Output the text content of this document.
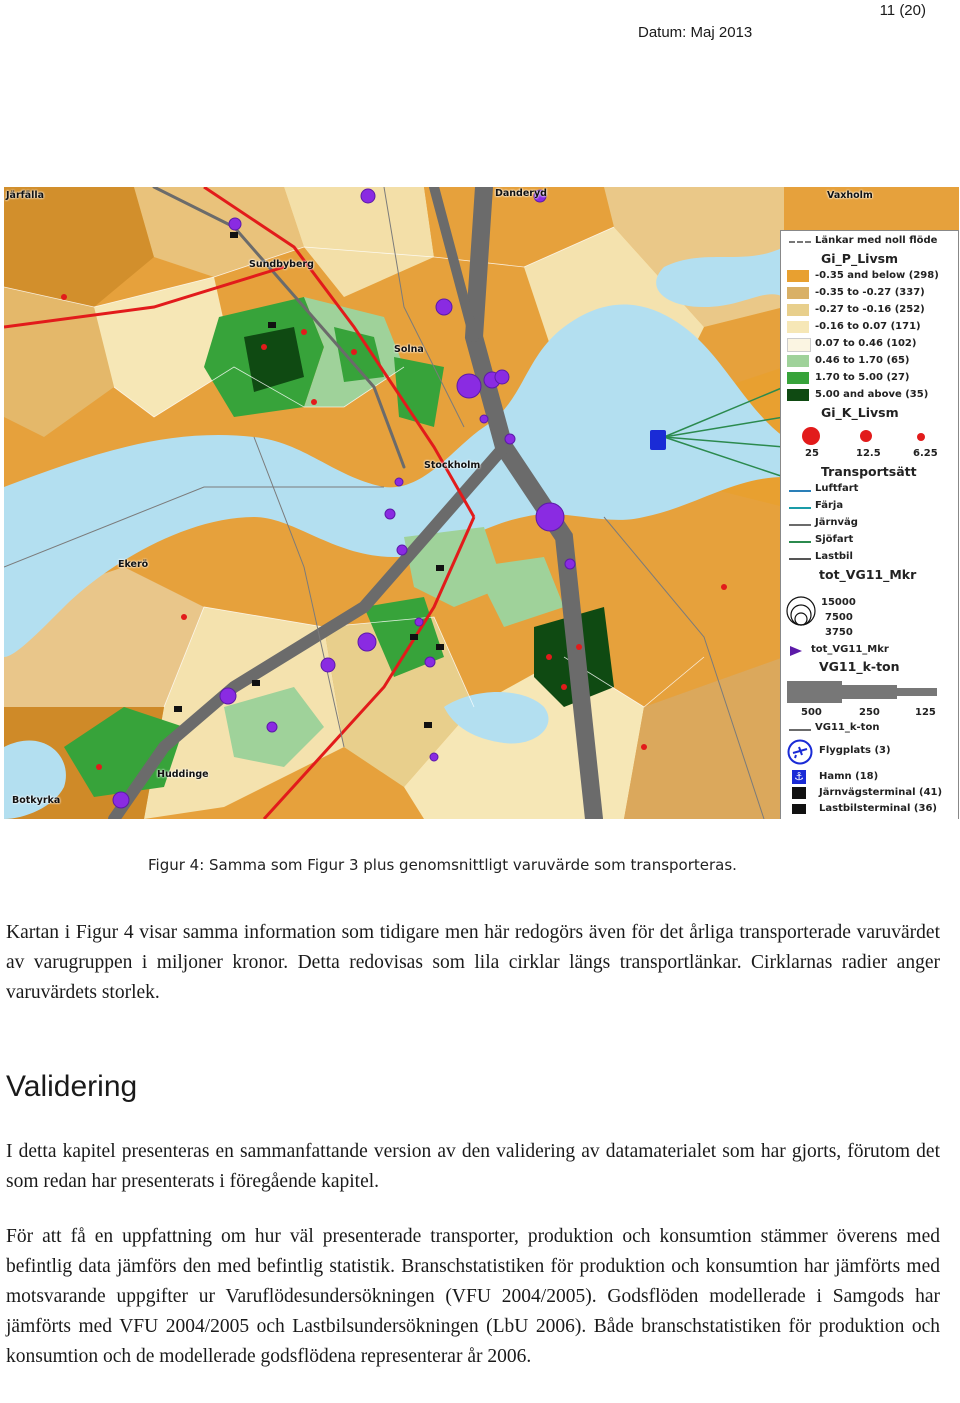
11 (20)
Datum: Maj 2013
Järfälla	Danderyd	Vaxholm
Sundbyberg
Solna
Stockholm
Ekerö
Huddinge
Botkyrka
Länkar med noll flöde
Gi_P_Livsm
-0.35 and below (298)
-0.35 to -0.27 (337)
-0.27 to -0.16 (252)
-0.16 to 0.07 (171)
0.07 to 0.46 (102)
0.46 to 1.70 (65)
1.70 to 5.00 (27)
5.00 and above (35)
Gi_K_Livsm
25	12.5	6.25
Transportsätt
Luftfart
Färja
Järnväg
Sjöfart
Lastbil
tot_VG11_Mkr
15000
7500
3750
tot_VG11_Mkr
VG11_k-ton
500	250	125
VG11_k-ton
Flygplats (3)
⚓ Hamn (18)
Järnvägsterminal (41)
Lastbilsterminal (36)
Figur 4: Samma som Figur 3 plus genomsnittligt varuvärde som transporteras.

Kartan i Figur 4 visar samma information som tidigare men här redogörs även för det årliga transporterade varuvärdet av varugruppen i miljoner kronor. Detta redovisas som lila cirklar längs transportlänkar. Cirklarnas radier anger varuvärdets storlek.

Validering

I detta kapitel presenteras en sammanfattande version av den validering av datamaterialet som har gjorts, förutom det som redan har presenterats i föregående kapitel.

För att få en uppfattning om hur väl presenterade transporter, produktion och konsumtion stämmer överens med befintlig data jämförs den med befintlig statistik. Branschstatistiken för produktion och konsumtion har jämförts med motsvarande uppgifter ur Varuflödesundersökningen (VFU 2004/2005). Godsflöden modellerade i Samgods har jämförts med VFU 2004/2005 och Lastbilsundersökningen (LbU 2006). Både branschstatistiken för produktion och konsumtion och de modellerade godsflödena representerar år 2006.
